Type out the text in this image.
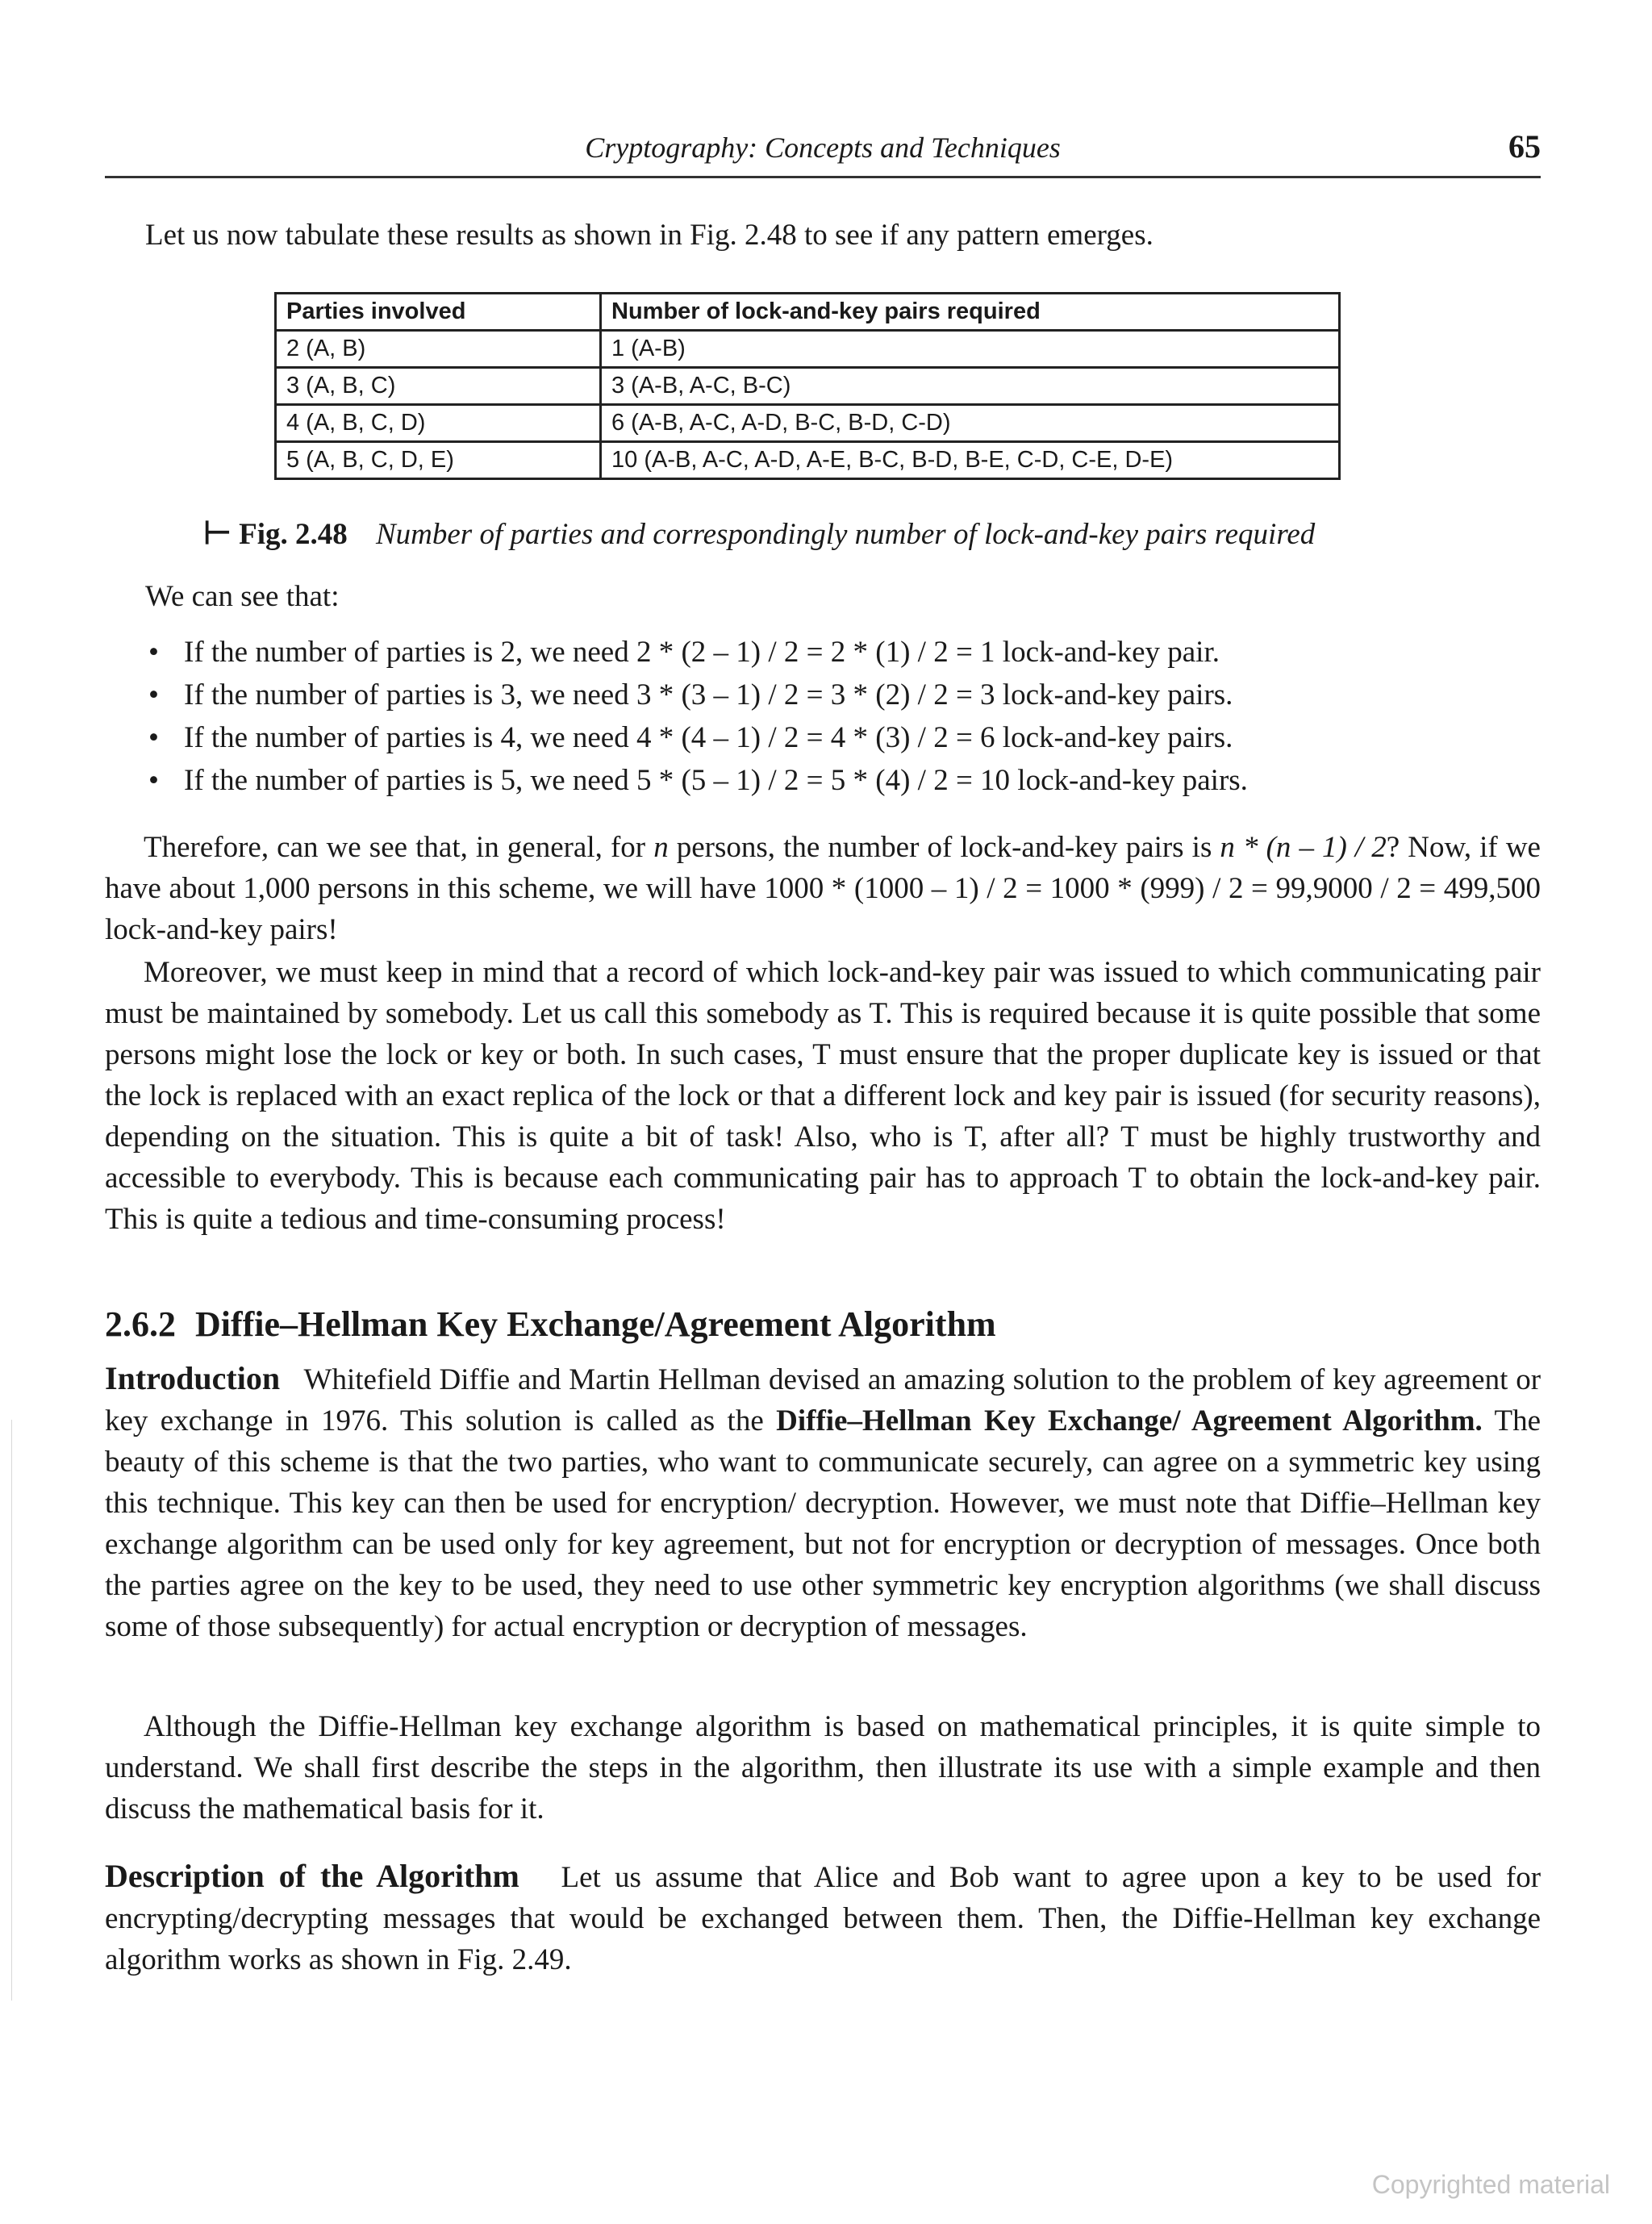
Cryptography: Concepts and Techniques	65
Let us now tabulate these results as shown in Fig. 2.48 to see if any pattern emerges.
Parties involved	Number of lock-and-key pairs required
2 (A, B)	1 (A-B)
3 (A, B, C)	3 (A-B, A-C, B-C)
4 (A, B, C, D)	6 (A-B, A-C, A-D, B-C, B-D, C-D)
5 (A, B, C, D, E)	10 (A-B, A-C, A-D, A-E, B-C, B-D, B-E, C-D, C-E, D-E)
⊢ Fig. 2.48 Number of parties and correspondingly number of lock-and-key pairs required
We can see that:
• If the number of parties is 2, we need 2 * (2 – 1) / 2 = 2 * (1) / 2 = 1 lock-and-key pair.
• If the number of parties is 3, we need 3 * (3 – 1) / 2 = 3 * (2) / 2 = 3 lock-and-key pairs.
• If the number of parties is 4, we need 4 * (4 – 1) / 2 = 4 * (3) / 2 = 6 lock-and-key pairs.
• If the number of parties is 5, we need 5 * (5 – 1) / 2 = 5 * (4) / 2 = 10 lock-and-key pairs.
Therefore, can we see that, in general, for n persons, the number of lock-and-key pairs is n * (n – 1) / 2? Now, if we have about 1,000 persons in this scheme, we will have 1000 * (1000 – 1) / 2 = 1000 * (999) / 2 = 99,9000 / 2 = 499,500 lock-and-key pairs!
Moreover, we must keep in mind that a record of which lock-and-key pair was issued to which communicating pair must be maintained by somebody. Let us call this somebody as T. This is required because it is quite possible that some persons might lose the lock or key or both. In such cases, T must ensure that the proper duplicate key is issued or that the lock is replaced with an exact replica of the lock or that a different lock and key pair is issued (for security reasons), depending on the situation. This is quite a bit of task! Also, who is T, after all? T must be highly trustworthy and accessible to everybody. This is because each communicating pair has to approach T to obtain the lock-and-key pair. This is quite a tedious and time-consuming process!
2.6.2 Diffie–Hellman Key Exchange/Agreement Algorithm
Introduction Whitefield Diffie and Martin Hellman devised an amazing solution to the problem of key agreement or key exchange in 1976. This solution is called as the Diffie–Hellman Key Exchange/ Agreement Algorithm. The beauty of this scheme is that the two parties, who want to communicate securely, can agree on a symmetric key using this technique. This key can then be used for encryption/ decryption. However, we must note that Diffie–Hellman key exchange algorithm can be used only for key agreement, but not for encryption or decryption of messages. Once both the parties agree on the key to be used, they need to use other symmetric key encryption algorithms (we shall discuss some of those subsequently) for actual encryption or decryption of messages.
Although the Diffie-Hellman key exchange algorithm is based on mathematical principles, it is quite simple to understand. We shall first describe the steps in the algorithm, then illustrate its use with a simple example and then discuss the mathematical basis for it.
Description of the Algorithm Let us assume that Alice and Bob want to agree upon a key to be used for encrypting/decrypting messages that would be exchanged between them. Then, the Diffie-Hellman key exchange algorithm works as shown in Fig. 2.49.
Copyrighted material
